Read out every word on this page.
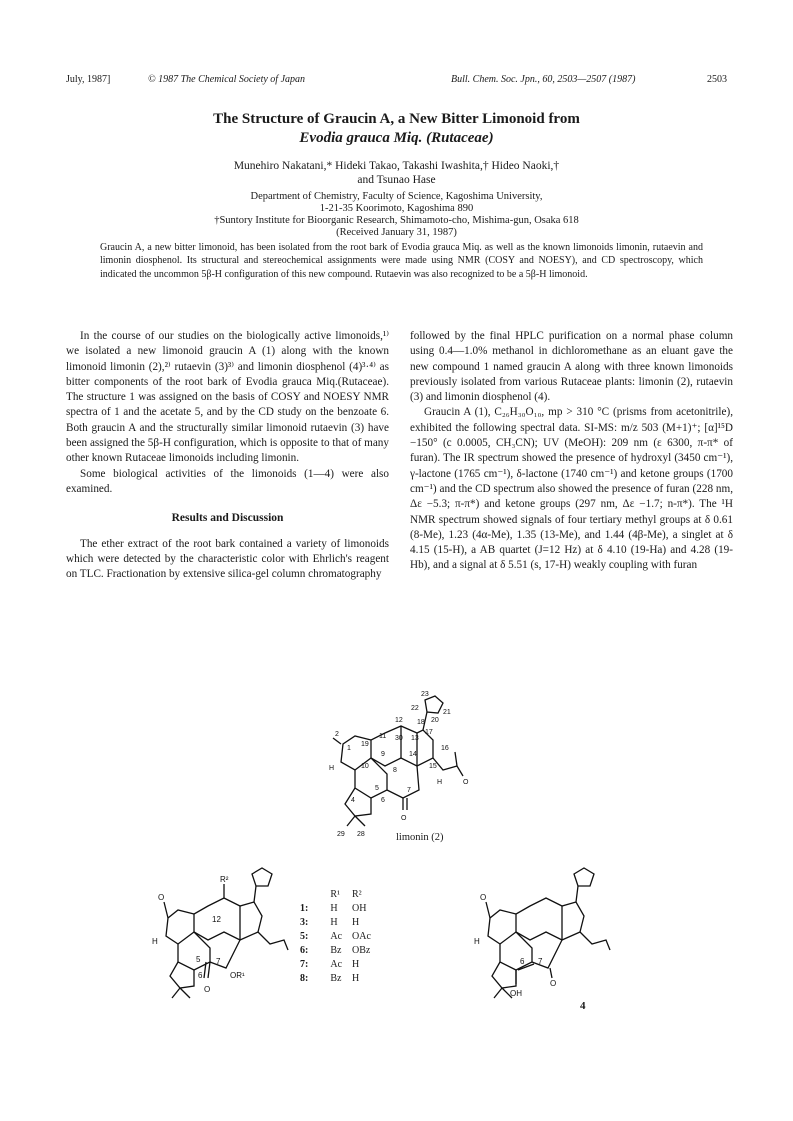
July, 1987]	© 1987 The Chemical Society of Japan	Bull. Chem. Soc. Jpn., 60, 2503—2507 (1987)	2503
The Structure of Graucin A, a New Bitter Limonoid from
Evodia grauca Miq. (Rutaceae)
Munehiro Nakatani,* Hideki Takao, Takashi Iwashita,† Hideo Naoki,†
and Tsunao Hase
Department of Chemistry, Faculty of Science, Kagoshima University,
1-21-35 Koorimoto, Kagoshima 890
†Suntory Institute for Bioorganic Research, Shimamoto-cho, Mishima-gun, Osaka 618
(Received January 31, 1987)
Graucin A, a new bitter limonoid, has been isolated from the root bark of Evodia grauca Miq. as well as the known limonoids limonin, rutaevin and limonin diosphenol. Its structural and stereochemical assignments were made using NMR (COSY and NOESY), and CD spectroscopy, which indicated the uncommon 5β-H configuration of this new compound. Rutaevin was also recognized to be a 5β-H limonoid.

In the course of our studies on the biologically active limonoids,¹⁾ we isolated a new limonoid graucin A (1) along with the known limonoid limonin (2),²⁾ rutaevin (3)³⁾ and limonin diosphenol (4)³·⁴⁾ as bitter components of the root bark of Evodia grauca Miq.(Rutaceae). The structure 1 was assigned on the basis of COSY and NOESY NMR spectra of 1 and the acetate 5, and by the CD study on the benzoate 6. Both graucin A and the structurally similar limonoid rutaevin (3) have been assigned the 5β-H configuration, which is opposite to that of many other known Rutaceae limonoids including limonin.

Some biological activities of the limonoids (1—4) were also examined.

Results and Discussion

The ether extract of the root bark contained a variety of limonoids which were detected by the characteristic color with Ehrlich's reagent on TLC. Fractionation by extensive silica-gel column chromatography

followed by the final HPLC purification on a normal phase column using 0.4—1.0% methanol in dichloromethane as an eluant gave the new compound 1 named graucin A along with three known limonoids previously isolated from various Rutaceae plants: limonin (2), rutaevin (3) and limonin diosphenol (4).

Graucin A (1), C₂₆H₃₀O₁₀, mp > 310 °C (prisms from acetonitrile), exhibited the following spectral data. SI-MS: m/z 503 (M+1)⁺; [α]¹⁵D −150° (c 0.0005, CH₃CN); UV (MeOH): 209 nm (ε 6300, π-π* of furan). The IR spectrum showed the presence of hydroxyl (3450 cm⁻¹), γ-lactone (1765 cm⁻¹), δ-lactone (1740 cm⁻¹) and ketone groups (1700 cm⁻¹) and the CD spectrum also showed the presence of furan (228 nm, Δε −5.3; π-π*) and ketone groups (297 nm, Δε −1.7; n-π*). The ¹H NMR spectrum showed signals of four tertiary methyl groups at δ 0.61 (8-Me), 1.23 (4α-Me), 1.35 (13-Me), and 1.44 (4β-Me), a singlet at δ 4.15 (15-H), a AB quartet (J=12 Hz) at δ 4.10 (19-Ha) and 4.28 (19-Hb), and a signal at δ 5.51 (s, 17-H) weakly coupling with furan

23
22
21
20
18
12
17
11	13
19
1
30
16
9	14
2
10	15
8
H
4
5
6
7
29 28
O
H
O
limonin (2)
R²
12
H
O
5
6
7
OR¹
O
	R¹	R²
1:	H	OH
3:	H	H
5:	Ac	OAc
6:	Bz	OBz
7:	Ac	H
8:	Bz	H
H
O
6 7
OH
O
4
